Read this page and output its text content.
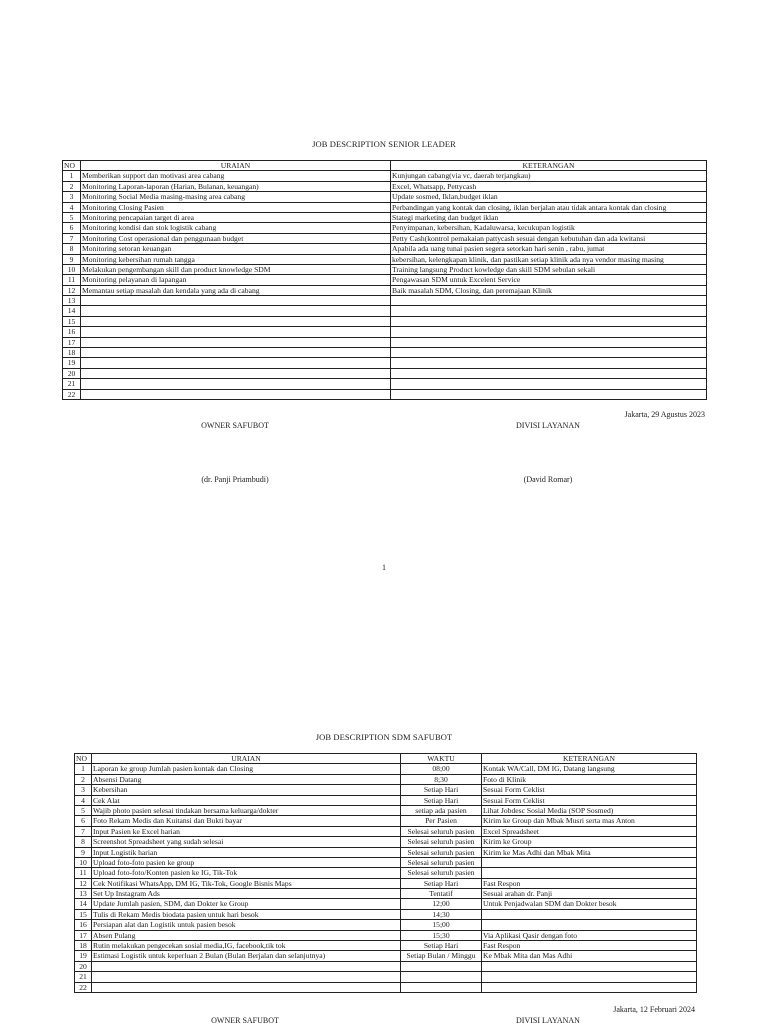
JOB DESCRIPTION SENIOR LEADER
NO	URAIAN	KETERANGAN
1	Memberikan support dan motivasi area cabang	Kunjungan cabang(via vc, daerah terjangkau)
2	Monitoring Laporan-laporan (Harian, Bulanan, keuangan)	Excel, Whatsapp, Pettycash
3	Monitoring Social Media masing-masing area cabang	Update sosmed, Iklan,budget iklan
4	Monitoring Closing Pasien	Perbandingan yang kontak dan closing, iklan berjalan atau tidak antara kontak dan closing
5	Monitoring pencapaian target di area	Stategi marketing dan budget iklan
6	Monitoring kondisi dan stok logistik cabang	Penyimpanan, kebersihan, Kadaluwarsa, kecukupan logistik
7	Monitoring Cost operasional dan penggunaan budget	Petty Cash(kontrol pemakaian pattycash sesuai dengan kebutuhan dan ada kwitansi
8	Monitoring setoran keuangan	Apabila ada uang tunai pasien segera setorkan hari senin , rabu, jumat
9	Monitoring kebersihan rumah tangga	kebersihan, kelengkapan klinik, dan pastikan setiap klinik ada nya vendor masing masing
10	Melakukan pengembangan skill dan product knowledge SDM	Training langsung Product kowledge dan skill SDM sebulan sekali
11	Monitoring pelayanan di lapangan	Pengawasan SDM untuk Excelent Service
12	Memantau setiap masalah dan kendala yang ada di cabang	Baik masalah SDM, Closing, dan peremajaan Klinik
13		
14		
15		
16		
17		
18		
19		
20		
21		
22		
Jakarta, 29 Agustus 2023
OWNER SAFUBOT	DIVISI LAYANAN
(dr. Panji Priambudi)	(David Romar)
1
JOB DESCRIPTION SDM SAFUBOT
NO	URAIAN	WAKTU	KETERANGAN
1	Laporan ke group Jumlah pasien kontak dan Closing	08;00	Kontak WA/Call, DM IG, Datang langsung
2	Absensi Datang	8;30	Foto di Klinik
3	Kebersihan	Setiap Hari	Sesuai Form Ceklist
4	Cek Alat	Setiap Hari	Sesuai Form Ceklist
5	Wajib photo pasien selesai tindakan bersama keluarga/dokter	setiap ada pasien	Lihat Jobdesc Sosial Media (SOP Sosmed)
6	Foto Rekam Medis dan Kuitansi dan Bukti bayar	Per Pasien	Kirim ke Group dan Mbak Musri serta mas Anton
7	Input Pasien ke Excel harian	Selesai seluruh pasien	Excel Spreadsheet
8	Screenshot Spreadsheet yang sudah selesai	Selesai seluruh pasien	Kirim ke Group
9	Input Logistik harian	Selesai seluruh pasien	Kirim ke Mas Adhi dan Mbak Mita
10	Upload foto-foto pasien ke group	Selesai seluruh pasien	
11	Upload foto-foto/Konten pasien ke IG, Tik-Tok	Selesai seluruh pasien	
12	Cek Notifikasi WhatsApp, DM IG, Tik-Tok, Google Bisnis Maps	Setiap Hari	Fast Respon
13	Set Up Instagram Ads	Tentatif	Sesuai arahan dr. Panji
14	Update Jumlah pasien, SDM, dan Dokter ke Group	12;00	Untuk Penjadwalan SDM dan Dokter besok
15	Tulis di Rekam Medis biodata pasien untuk hari besok	14;30	
16	Persiapan alat dan Logistik untuk pasien besok	15;00	
17	Absen Pulang	15;30	Via Aplikasi Qasir dengan foto
18	Rutin melakukan pengecekan sosial media,IG, facebook,tik tok	Setiap Hari	Fast Respon
19	Estimasi Logistik untuk keperluan 2 Bulan (Bulan Berjalan dan selanjutnya)	Setiap Bulan / Minggu	Ke Mbak Mita dan Mas Adhi
20			
21			
22			
Jakarta, 12 Februari 2024
OWNER SAFUBOT	DIVISI LAYANAN
